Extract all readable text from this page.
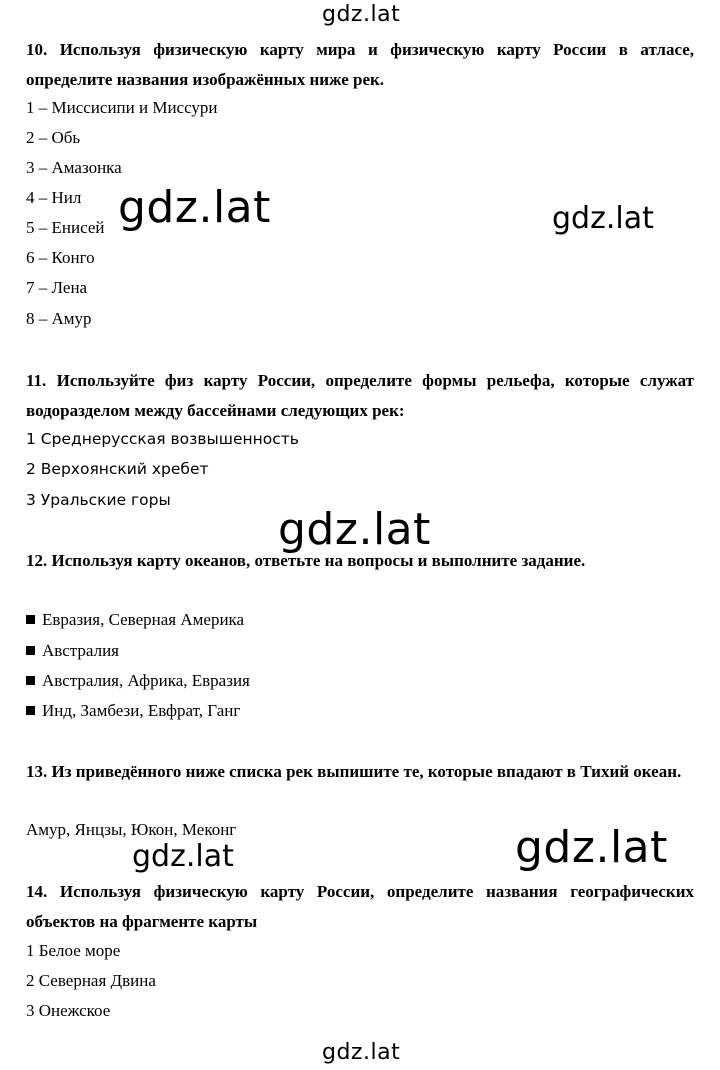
gdz.lat
gdz.lat	gdz.lat
gdz.lat
gdz.lat
gdz.lat
gdz.lat
10. Используя физическую карту мира и физическую карту России в атласе, определите названия изображённых ниже рек.
1 – Миссисипи и Миссури
2 – Обь
3 – Амазонка
4 – Нил
5 – Енисей
6 – Конго
7 – Лена
8 – Амур
11. Используйте физ карту России, определите формы рельефа, которые служат водоразделом между бассейнами следующих рек:
1 Среднерусская возвышенность
2 Верхоянский хребет
3 Уральские горы
12. Используя карту океанов, ответьте на вопросы и выполните задание.
Евразия, Северная Америка
Австралия
Австралия, Африка, Евразия
Инд, Замбези, Евфрат, Ганг
13. Из приведённого ниже списка рек выпишите те, которые впадают в Тихий океан.
Амур, Янцзы, Юкон, Меконг
14. Используя физическую карту России, определите названия географических объектов на фрагменте карты
1 Белое море
2 Северная Двина
3 Онежское
